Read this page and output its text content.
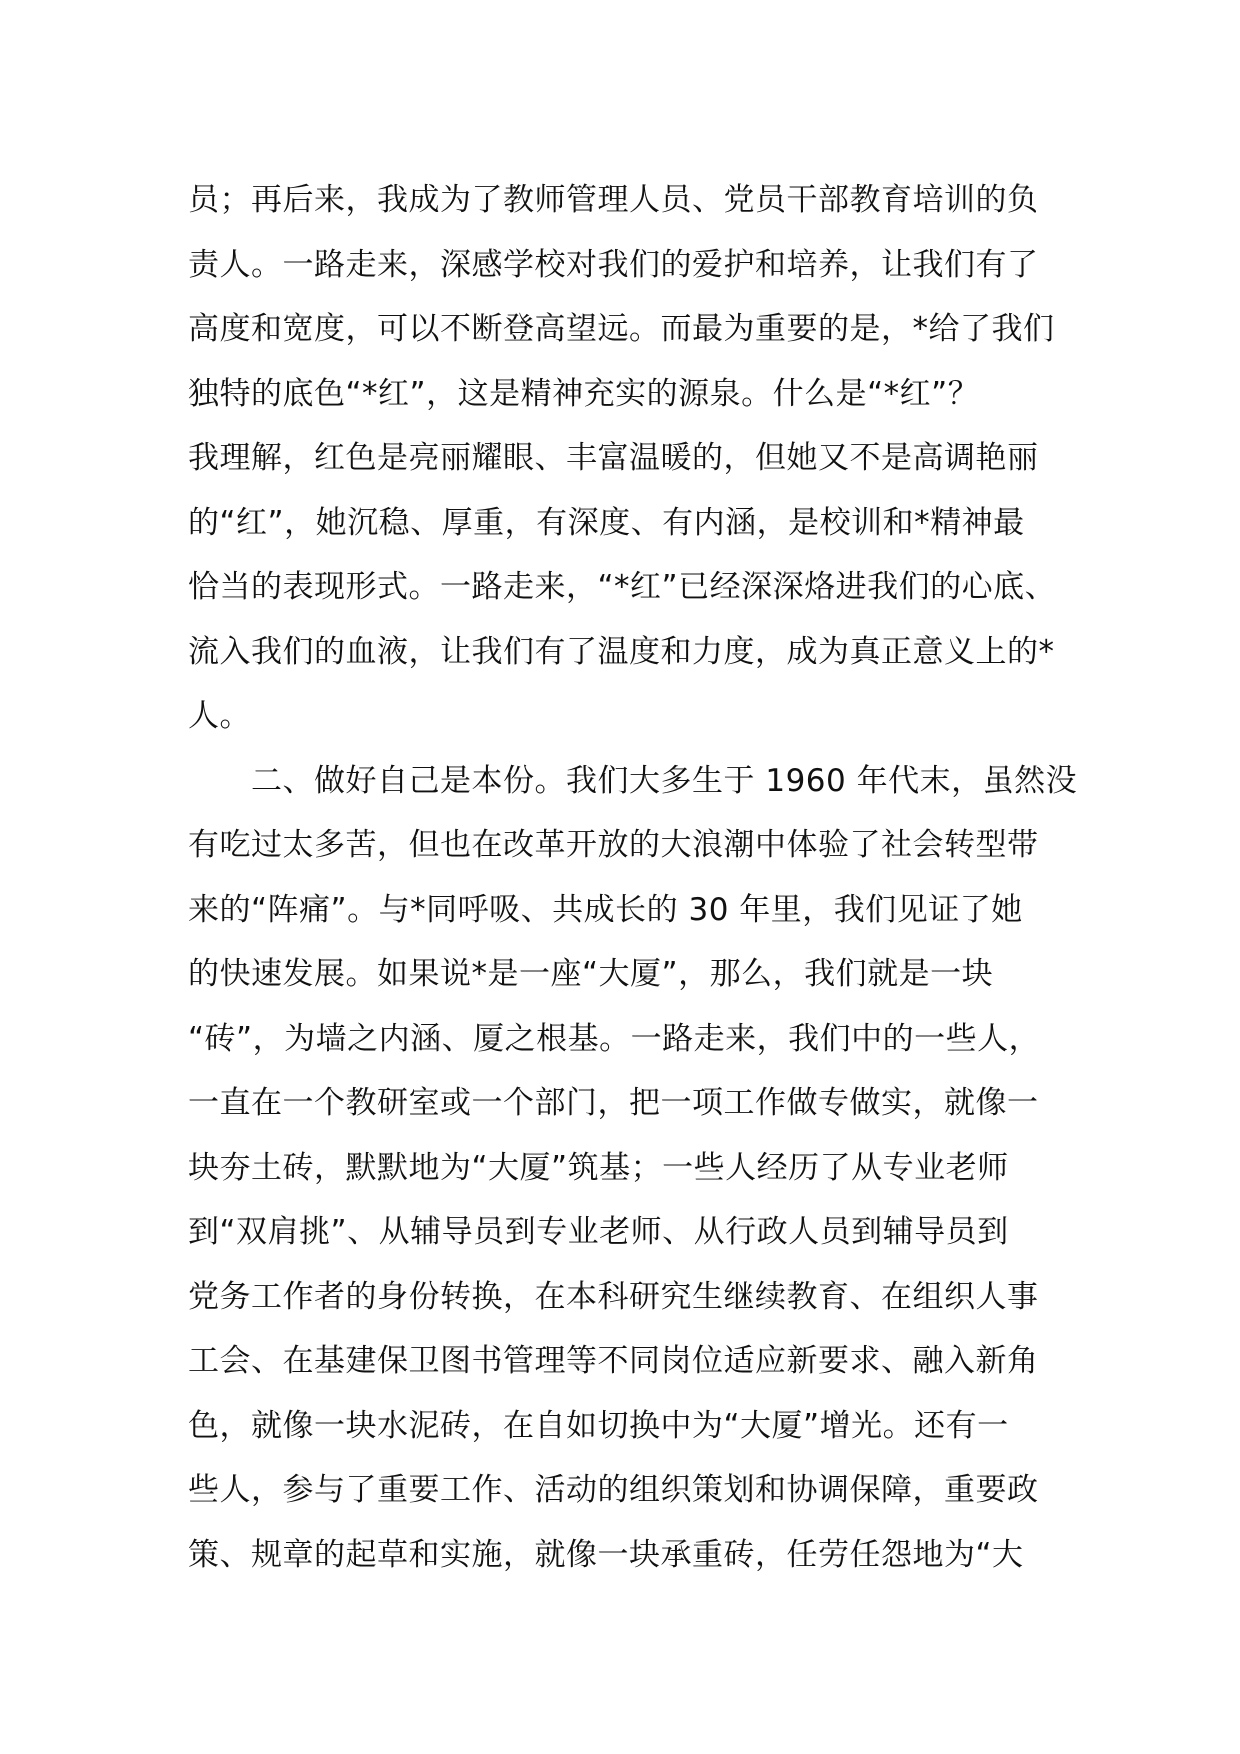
员；再后来，我成为了教师管理人员、党员干部教育培训的负
责人。一路走来，深感学校对我们的爱护和培养，让我们有了
高度和宽度，可以不断登高望远。而最为重要的是，*给了我们
独特的底色“*红”，这是精神充实的源泉。什么是“*红”？
我理解，红色是亮丽耀眼、丰富温暖的，但她又不是高调艳丽
的“红”，她沉稳、厚重，有深度、有内涵，是校训和*精神最
恰当的表现形式。一路走来，“*红”已经深深烙进我们的心底、
流入我们的血液，让我们有了温度和力度，成为真正意义上的*
人。
　　二、做好自己是本份。我们大多生于 1960 年代末，虽然没
有吃过太多苦，但也在改革开放的大浪潮中体验了社会转型带
来的“阵痛”。与*同呼吸、共成长的 30 年里，我们见证了她
的快速发展。如果说*是一座“大厦”，那么，我们就是一块
“砖”，为墙之内涵、厦之根基。一路走来，我们中的一些人，
一直在一个教研室或一个部门，把一项工作做专做实，就像一
块夯土砖，默默地为“大厦”筑基；一些人经历了从专业老师
到“双肩挑”、从辅导员到专业老师、从行政人员到辅导员到
党务工作者的身份转换，在本科研究生继续教育、在组织人事
工会、在基建保卫图书管理等不同岗位适应新要求、融入新角
色，就像一块水泥砖，在自如切换中为“大厦”增光。还有一
些人，参与了重要工作、活动的组织策划和协调保障，重要政
策、规章的起草和实施，就像一块承重砖，任劳任怨地为“大
